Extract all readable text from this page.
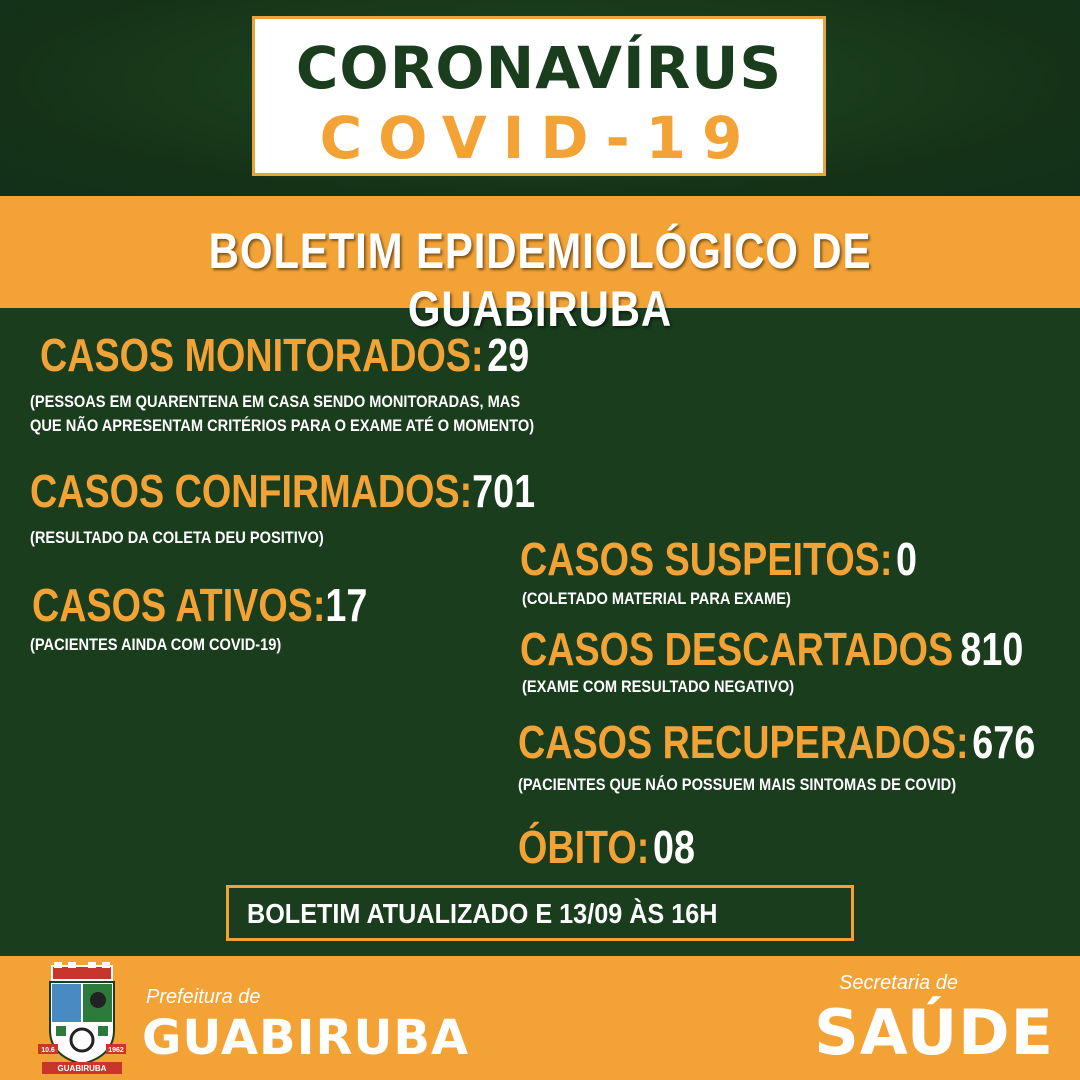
CORONAVÍRUS
COVID-19
BOLETIM EPIDEMIOLÓGICO DE GUABIRUBA
CASOS MONITORADOS: 29
(PESSOAS EM QUARENTENA EM CASA SENDO MONITORADAS, MAS
QUE NÃO APRESENTAM CRITÉRIOS PARA O EXAME ATÉ O MOMENTO)
CASOS CONFIRMADOS:701
(RESULTADO DA COLETA DEU POSITIVO)
CASOS ATIVOS:17
(PACIENTES AINDA COM COVID-19)
CASOS SUSPEITOS: 0
(COLETADO MATERIAL PARA EXAME)
CASOS DESCARTADOS 810
(EXAME COM RESULTADO NEGATIVO)
CASOS RECUPERADOS: 676
(PACIENTES QUE NÁO POSSUEM MAIS SINTOMAS DE COVID)
ÓBITO: 08
BOLETIM ATUALIZADO E 13/09 ÀS 16H
10.6	1962
GUABIRUBA
Prefeitura de
GUABIRUBA
Secretaria de
SAÚDE
